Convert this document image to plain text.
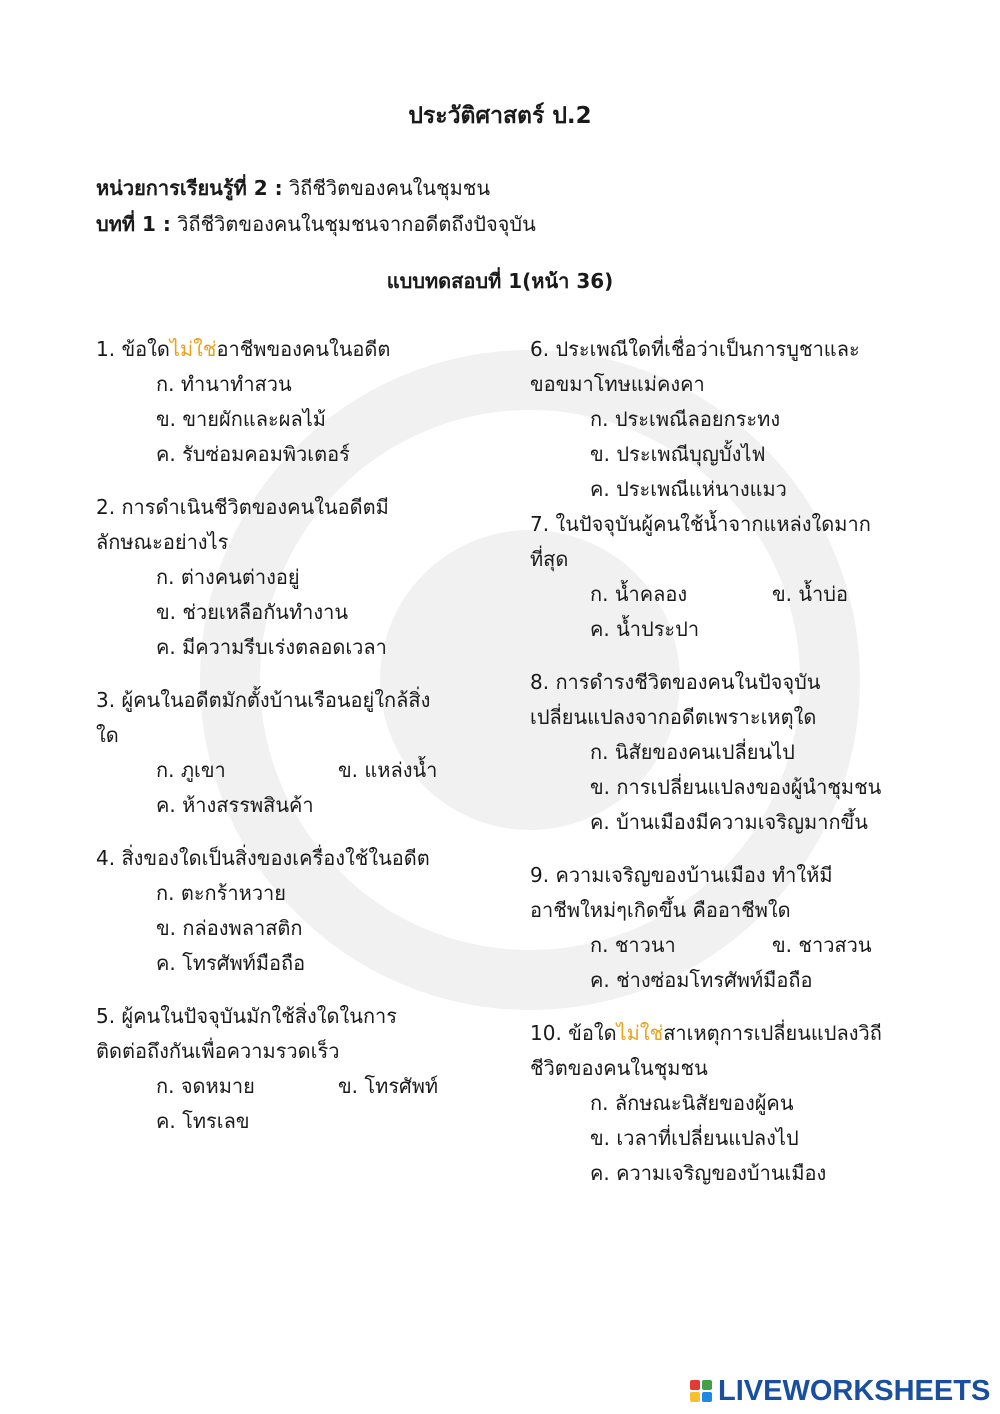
ประวัติศาสตร์ ป.2
หน่วยการเรียนรู้ที่ 2 : วิถีชีวิตของคนในชุมชน
บทที่ 1 : วิถีชีวิตของคนในชุมชนจากอดีตถึงปัจจุบัน
แบบทดสอบที่ 1(หน้า 36)
1. ข้อใดไม่ใช่อาชีพของคนในอดีต
ก. ทำนาทำสวน
ข. ขายผักและผลไม้
ค. รับซ่อมคอมพิวเตอร์
2. การดำเนินชีวิตของคนในอดีตมี
ลักษณะอย่างไร
ก. ต่างคนต่างอยู่
ข. ช่วยเหลือกันทำงาน
ค. มีความรีบเร่งตลอดเวลา
3. ผู้คนในอดีตมักตั้งบ้านเรือนอยู่ใกล้สิ่ง
ใด
ก. ภูเขา	ข. แหล่งน้ำ
ค. ห้างสรรพสินค้า
4. สิ่งของใดเป็นสิ่งของเครื่องใช้ในอดีต
ก. ตะกร้าหวาย
ข. กล่องพลาสติก
ค. โทรศัพท์มือถือ
5. ผู้คนในปัจจุบันมักใช้สิ่งใดในการ
ติดต่อถึงกันเพื่อความรวดเร็ว
ก. จดหมาย	ข. โทรศัพท์
ค. โทรเลข
6. ประเพณีใดที่เชื่อว่าเป็นการบูชาและ
ขอขมาโทษแม่คงคา
ก. ประเพณีลอยกระทง
ข. ประเพณีบุญบั้งไฟ
ค. ประเพณีแห่นางแมว
7. ในปัจจุบันผู้คนใช้น้ำจากแหล่งใดมาก
ที่สุด
ก. น้ำคลอง	ข. น้ำบ่อ
ค. น้ำประปา
8. การดำรงชีวิตของคนในปัจจุบัน
เปลี่ยนแปลงจากอดีตเพราะเหตุใด
ก. นิสัยของคนเปลี่ยนไป
ข. การเปลี่ยนแปลงของผู้นำชุมชน
ค. บ้านเมืองมีความเจริญมากขึ้น
9. ความเจริญของบ้านเมือง ทำให้มี
อาชีพใหม่ๆเกิดขึ้น คืออาชีพใด
ก. ชาวนา	ข. ชาวสวน
ค. ช่างซ่อมโทรศัพท์มือถือ
10. ข้อใดไม่ใช่สาเหตุการเปลี่ยนแปลงวิถี
ชีวิตของคนในชุมชน
ก. ลักษณะนิสัยของผู้คน
ข. เวลาที่เปลี่ยนแปลงไป
ค. ความเจริญของบ้านเมือง
LIVEWORKSHEETS
